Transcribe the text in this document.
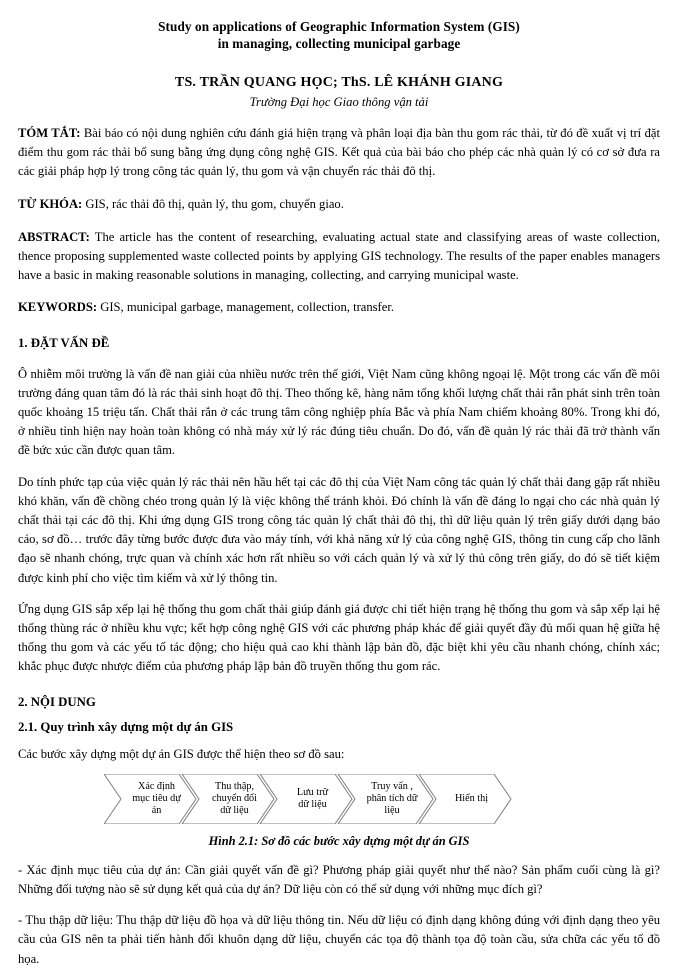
Study on applications of Geographic Information System (GIS)
in managing, collecting municipal garbage
TS. TRẦN QUANG HỌC; ThS. LÊ KHÁNH GIANG
Trường Đại học Giao thông vận tải
TÓM TẮT: Bài báo có nội dung nghiên cứu đánh giá hiện trạng và phân loại địa bàn thu gom rác thải, từ đó đề xuất vị trí đặt điểm thu gom rác thải bổ sung bằng ứng dụng công nghệ GIS. Kết quả của bài báo cho phép các nhà quản lý có cơ sở đưa ra các giải pháp hợp lý trong công tác quản lý, thu gom và vận chuyển rác thải đô thị.
TỪ KHÓA: GIS, rác thải đô thị, quản lý, thu gom, chuyển giao.
ABSTRACT: The article has the content of researching, evaluating actual state and classifying areas of waste collection, thence proposing supplemented waste collected points by applying GIS technology. The results of the paper enables managers have a basic in making reasonable solutions in managing, collecting, and carrying municipal waste.
KEYWORDS: GIS, municipal garbage, management, collection, transfer.
1. ĐẶT VẤN ĐỀ

Ô nhiễm môi trường là vấn đề nan giải của nhiều nước trên thế giới, Việt Nam cũng không ngoại lệ. Một trong các vấn đề môi trường đáng quan tâm đó là rác thải sinh hoạt đô thị. Theo thống kê, hàng năm tổng khối lượng chất thải rắn phát sinh trên toàn quốc khoảng 15 triệu tấn. Chất thải rắn ở các trung tâm công nghiệp phía Bắc và phía Nam chiếm khoảng 80%. Trong khi đó, ở nhiều tỉnh hiện nay hoàn toàn không có nhà máy xử lý rác đúng tiêu chuẩn. Do đó, vấn đề quản lý rác thải đã trở thành vấn đề bức xúc cần được quan tâm.

Do tính phức tạp của việc quản lý rác thải nên hầu hết tại các đô thị của Việt Nam công tác quản lý chất thải đang gặp rất nhiều khó khăn, vấn đề chồng chéo trong quản lý là việc không thể tránh khỏi. Đó chính là vấn đề đáng lo ngại cho các nhà quản lý chất thải tại các đô thị. Khi ứng dụng GIS trong công tác quản lý chất thải đô thị, thì dữ liệu quản lý trên giấy dưới dạng báo cáo, sơ đồ… trước đây từng bước được đưa vào máy tính, với khả năng xử lý của công nghệ GIS, thông tin cung cấp cho lãnh đạo sẽ nhanh chóng, trực quan và chính xác hơn rất nhiều so với cách quản lý và xử lý thủ công trên giấy, do đó sẽ tiết kiệm được kinh phí cho việc tìm kiếm và xử lý thông tin.

Ứng dụng GIS sắp xếp lại hệ thống thu gom chất thải giúp đánh giá được chi tiết hiện trạng hệ thống thu gom và sắp xếp lại hệ thống thùng rác ở nhiều khu vực; kết hợp công nghệ GIS với các phương pháp khác để giải quyết đầy đủ mối quan hệ giữa hệ thống thu gom và các yếu tố tác động; cho hiệu quả cao khi thành lập bản đồ, đặc biệt khi yêu cầu nhanh chóng, chính xác; khắc phục được nhược điểm của phương pháp lập bản đồ truyền thống thu gom rác.

2. NỘI DUNG
2.1. Quy trình xây dựng một dự án GIS

Các bước xây dựng một dự án GIS được thể hiện theo sơ đồ sau:

Xác định
mục tiêu dự
án
Thu thập,
chuyển đổi
dữ liệu
Lưu trữ
dữ liệu
Truy vấn ,
phân tích dữ
liệu
Hiển thị
Hình 2.1: Sơ đồ các bước xây dựng một dự án GIS

- Xác định mục tiêu của dự án: Cần giải quyết vấn đề gì? Phương pháp giải quyết như thế nào? Sản phẩm cuối cùng là gì? Những đối tượng nào sẽ sử dụng kết quả của dự án? Dữ liệu còn có thể sử dụng với những mục đích gì?

- Thu thập dữ liệu: Thu thập dữ liệu đồ họa và dữ liệu thông tin. Nếu dữ liệu có định dạng không đúng với định dạng theo yêu cầu của GIS nên ta phải tiến hành đổi khuôn dạng dữ liệu, chuyển các tọa độ thành tọa độ toàn cầu, sửa chữa các yếu tố đồ họa.
